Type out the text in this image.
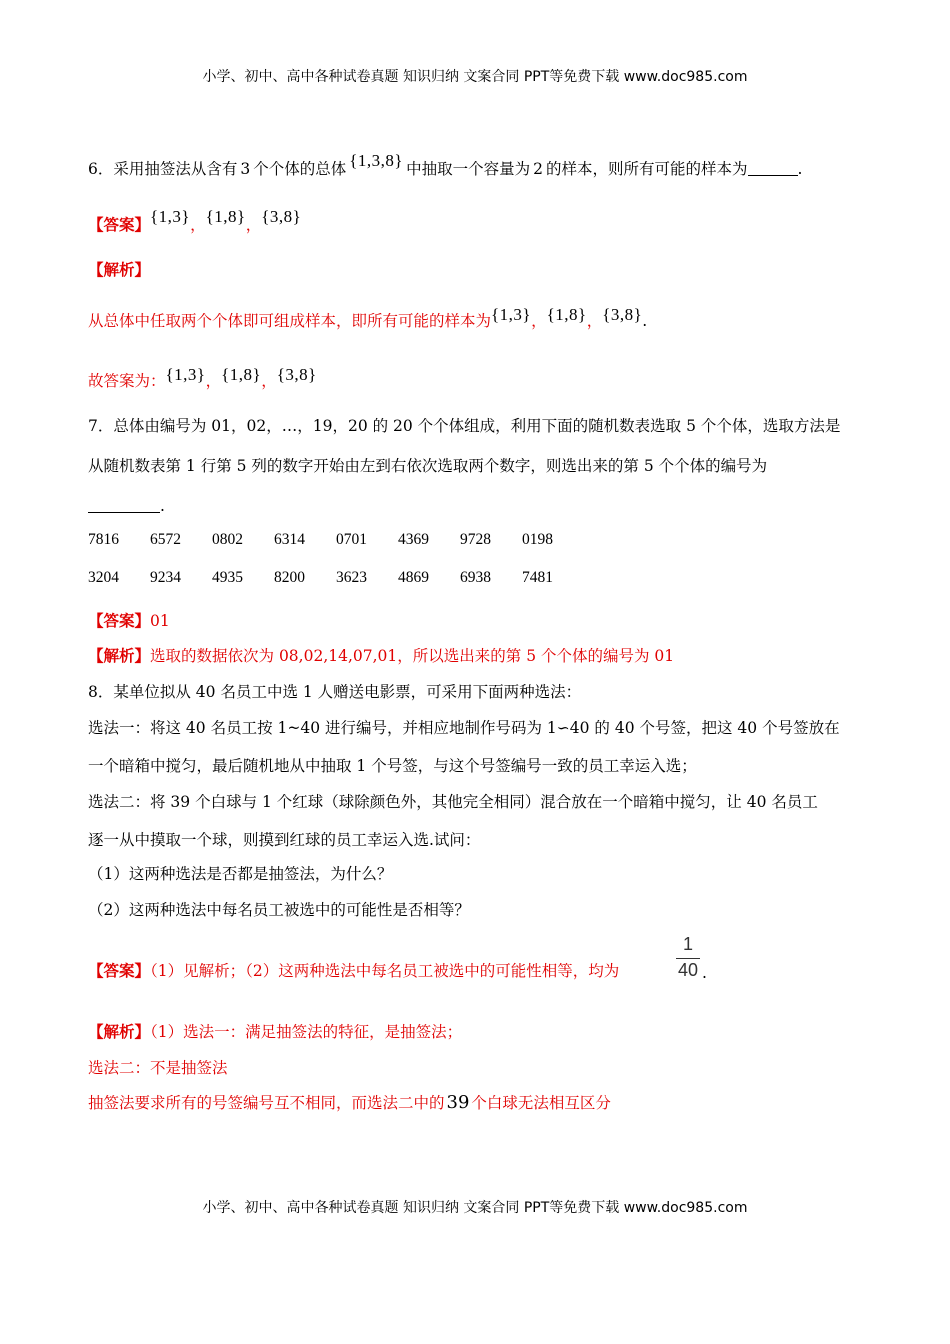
小学、初中、高中各种试卷真题 知识归纳 文案合同 PPT等免费下载 www.doc985.com
6．采用抽签法从含有 3 个个体的总体 {1,3,8} 中抽取一个容量为 2 的样本，则所有可能的样本为	.
【答案】{1,3}，{1,8}，{3,8}
【解析】
从总体中任取两个个体即可组成样本，即所有可能的样本为{1,3}，{1,8}，{3,8}.
故答案为：{1,3}，{1,8}，{3,8}
7．总体由编号为 01，02，…，19，20 的 20 个个体组成，利用下面的随机数表选取 5 个个体，选取方法是
从随机数表第 1 行第 5 列的数字开始由左到右依次选取两个数字，则选出来的第 5 个个体的编号为
.
7816	6572	0802	6314	0701	4369	9728	0198
3204	9234	4935	8200	3623	4869	6938	7481
【答案】01
【解析】选取的数据依次为 08,02,14,07,01，所以选出来的第 5 个个体的编号为 01
8．某单位拟从 40 名员工中选 1 人赠送电影票，可采用下面两种选法：
选法一：将这 40 名员工按 1~40 进行编号，并相应地制作号码为 1∽40 的 40 个号签，把这 40 个号签放在
一个暗箱中搅匀，最后随机地从中抽取 1 个号签，与这个号签编号一致的员工幸运入选；
选法二：将 39 个白球与 1 个红球（球除颜色外，其他完全相同）混合放在一个暗箱中搅匀，让 40 名员工
逐一从中摸取一个球，则摸到红球的员工幸运入选.试问：
（1）这两种选法是否都是抽签法，为什么？
（2）这两种选法中每名员工被选中的可能性是否相等？
【答案】（1）见解析；（2）这两种选法中每名员工被选中的可能性相等，均为
1
40 .
【解析】（1）选法一：满足抽签法的特征，是抽签法；
选法二：不是抽签法
抽签法要求所有的号签编号互不相同，而选法二中的 39 个白球无法相互区分
小学、初中、高中各种试卷真题 知识归纳 文案合同 PPT等免费下载 www.doc985.com
